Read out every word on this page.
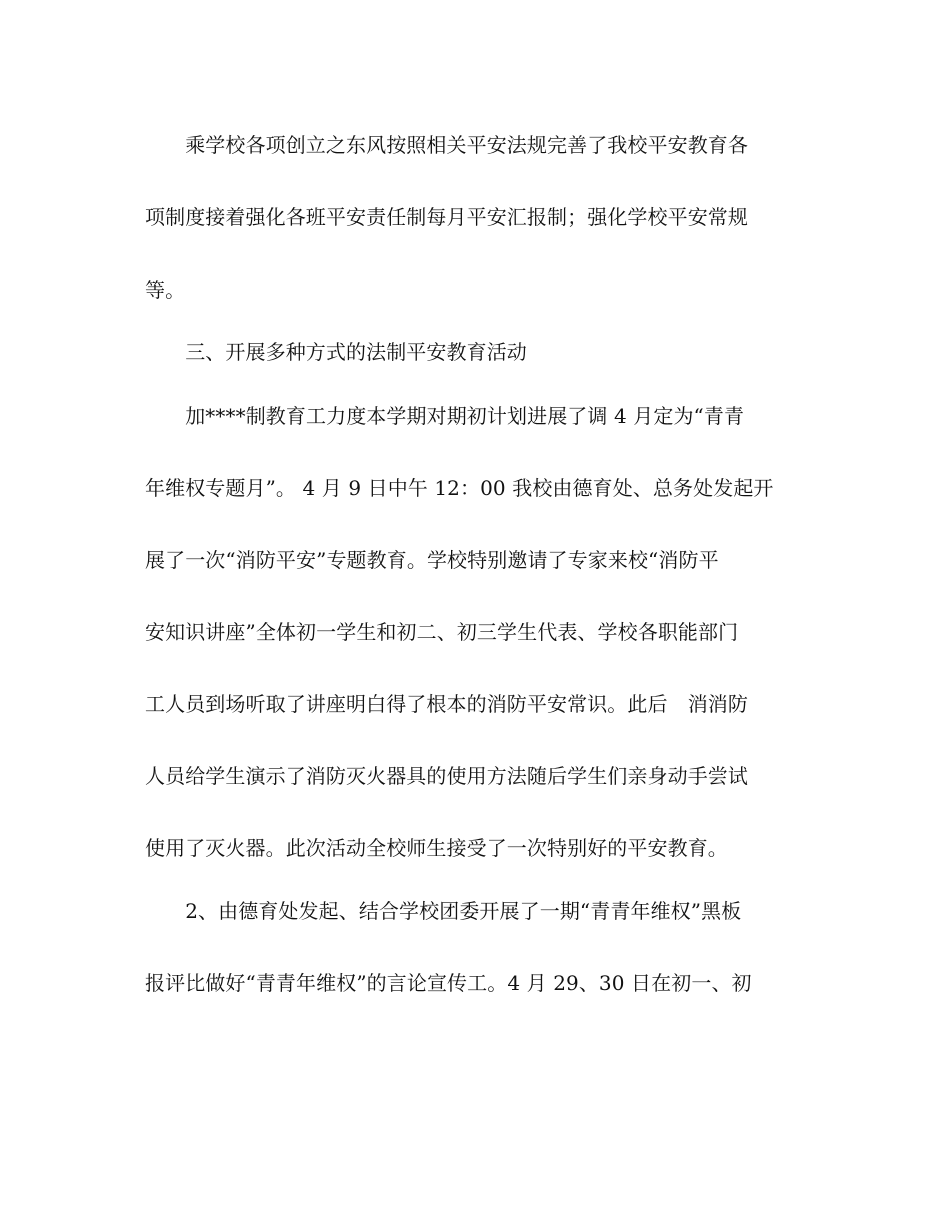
　　乘学校各项创立之东风按照相关平安法规完善了我校平安教育各
项制度接着强化各班平安责任制每月平安汇报制；强化学校平安常规
等。
　　三、开展多种方式的法制平安教育活动
　　加****制教育工力度本学期对期初计划进展了调 4 月定为“青青
年维权专题月”。 4 月 9 日中午 12：00 我校由德育处、总务处发起开
展了一次“消防平安”专题教育。学校特别邀请了专家来校“消防平
安知识讲座”全体初一学生和初二、初三学生代表、学校各职能部门
工人员到场听取了讲座明白得了根本的消防平安常识。此后　消消防
人员给学生演示了消防灭火器具的使用方法随后学生们亲身动手尝试
使用了灭火器。此次活动全校师生接受了一次特别好的平安教育。
　　2、由德育处发起、结合学校团委开展了一期“青青年维权”黑板
报评比做好“青青年维权”的言论宣传工。4 月 29、30 日在初一、初
